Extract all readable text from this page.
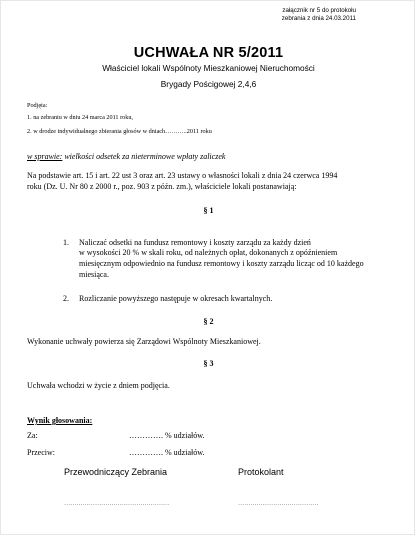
załącznik nr 5 do protokołu
zebrania z dnia 24.03.2011
UCHWAŁA NR 5/2011
Właściciel lokali Wspólnoty Mieszkaniowej Nieruchomości
Brygady Pościgowej 2,4,6
Podjęta:
1. na zebraniu w dniu 24 marca 2011 roku,
2. w drodze indywidualnego zbierania głosów w dniach………..2011 roku
w sprawie: wielkości odsetek za nieterminowe wpłaty zaliczek
Na podstawie art. 15 i art. 22 ust 3 oraz art. 23 ustawy o własności lokali z dnia 24 czerwca 1994
roku (Dz. U. Nr 80 z 2000 r., poz. 903 z późn. zm.), właściciele lokali postanawiają:
§ 1
1. Naliczać odsetki na fundusz remontowy i koszty zarządu za każdy dzień
w wysokości 20 % w skali roku, od należnych opłat, dokonanych z opóźnieniem
miesięcznym odpowiednio na fundusz remontowy i koszty zarządu licząc od 10 każdego
miesiąca.
2. Rozliczanie powyższego następuje w okresach kwartalnych.
§ 2
Wykonanie uchwały powierza się Zarządowi Wspólnoty Mieszkaniowej.
§ 3
Uchwała wchodzi w życie z dniem podjęcia.
Wynik głosowania:
Za:	…………. % udziałów.
Przeciw:	…………. % udziałów.
Przewodniczący Zebrania	Protokolant
……………………………………………	…………………………………
